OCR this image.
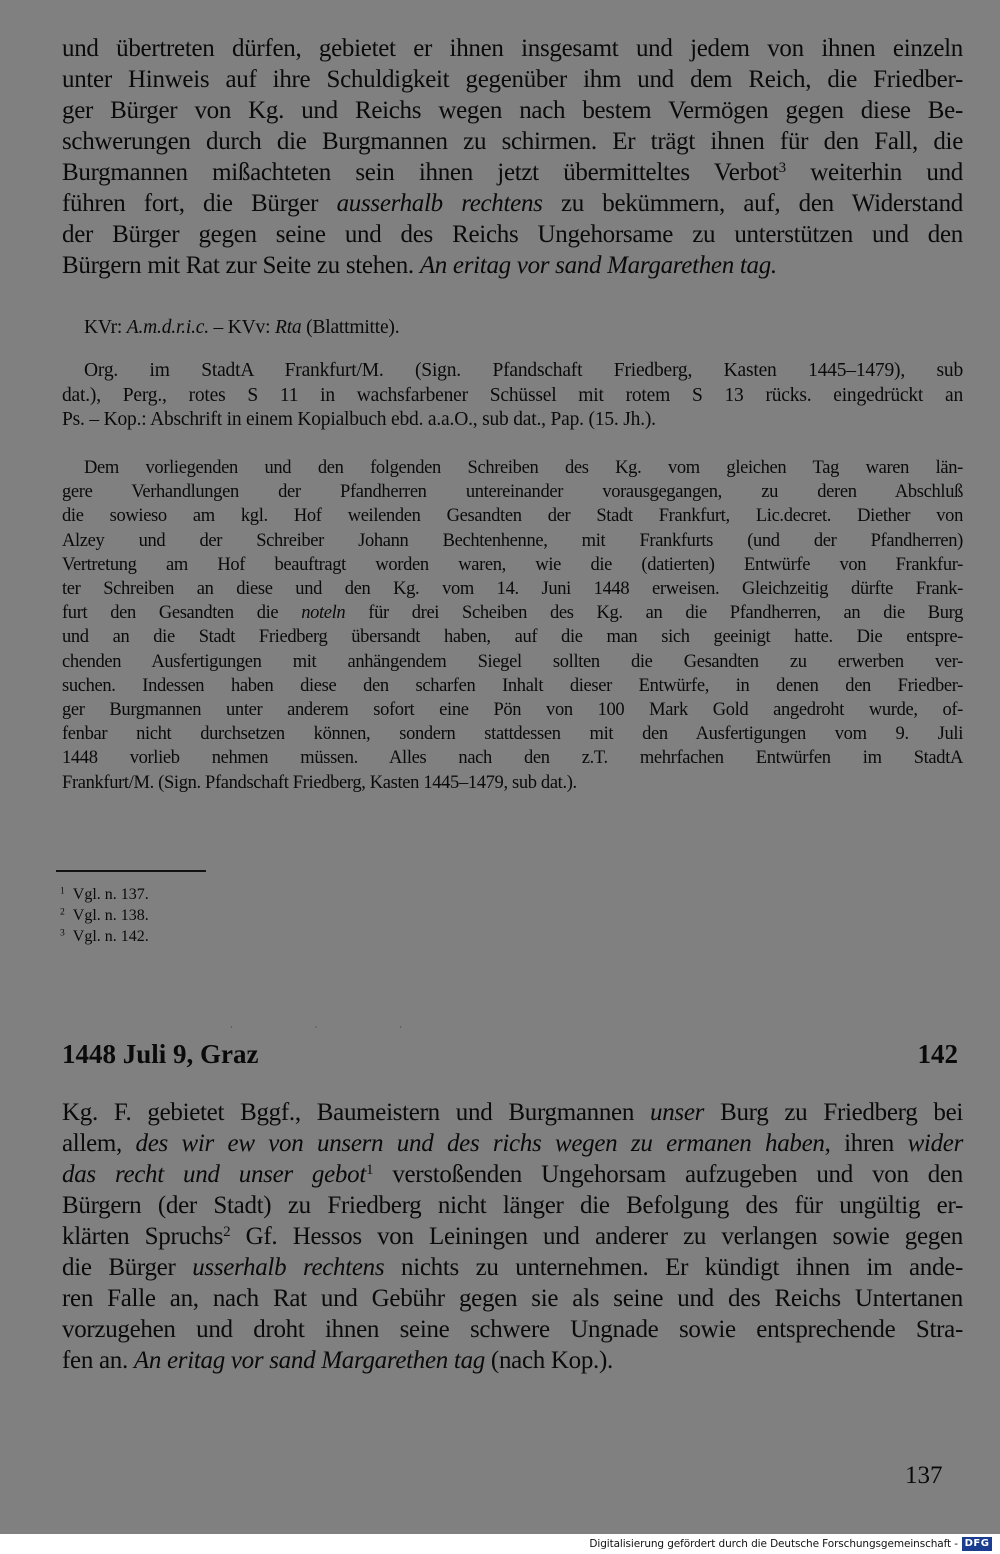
und übertreten dürfen, gebietet er ihnen insgesamt und jedem von ihnen einzeln
unter Hinweis auf ihre Schuldigkeit gegenüber ihm und dem Reich, die Friedber-
ger Bürger von Kg. und Reichs wegen nach bestem Vermögen gegen diese Be-
schwerungen durch die Burgmannen zu schirmen. Er trägt ihnen für den Fall, die
Burgmannen mißachteten sein ihnen jetzt übermitteltes Verbot$^3$ weiterhin und
führen fort, die Bürger ausserhalb rechtens zu bekümmern, auf, den Widerstand
der Bürger gegen seine und des Reichs Ungehorsame zu unterstützen und den
Bürgern mit Rat zur Seite zu stehen. An eritag vor sand Margarethen tag.
KVr: A.m.d.r.i.c. – KVv: Rta (Blattmitte).
Org. im StadtA Frankfurt/M. (Sign. Pfandschaft Friedberg, Kasten 1445–1479), sub
dat.), Perg., rotes S 11 in wachsfarbener Schüssel mit rotem S 13 rücks. eingedrückt an
Ps. – Kop.: Abschrift in einem Kopialbuch ebd. a.a.O., sub dat., Pap. (15. Jh.).
Dem vorliegenden und den folgenden Schreiben des Kg. vom gleichen Tag waren län-
gere Verhandlungen der Pfandherren untereinander vorausgegangen, zu deren Abschluß
die sowieso am kgl. Hof weilenden Gesandten der Stadt Frankfurt, Lic.decret. Diether von
Alzey und der Schreiber Johann Bechtenhenne, mit Frankfurts (und der Pfandherren)
Vertretung am Hof beauftragt worden waren, wie die (datierten) Entwürfe von Frankfur-
ter Schreiben an diese und den Kg. vom 14. Juni 1448 erweisen. Gleichzeitig dürfte Frank-
furt den Gesandten die noteln für drei Scheiben des Kg. an die Pfandherren, an die Burg
und an die Stadt Friedberg übersandt haben, auf die man sich geeinigt hatte. Die entspre-
chenden Ausfertigungen mit anhängendem Siegel sollten die Gesandten zu erwerben ver-
suchen. Indessen haben diese den scharfen Inhalt dieser Entwürfe, in denen den Friedber-
ger Burgmannen unter anderem sofort eine Pön von 100 Mark Gold angedroht wurde, of-
fenbar nicht durchsetzen können, sondern stattdessen mit den Ausfertigungen vom 9. Juli
1448 vorlieb nehmen müssen. Alles nach den z.T. mehrfachen Entwürfen im StadtA
Frankfurt/M. (Sign. Pfandschaft Friedberg, Kasten 1445–1479, sub dat.).
· · ·
$^1$ Vgl. n. 137.
$^2$ Vgl. n. 138.
$^3$ Vgl. n. 142.
1448 Juli 9, Graz	142
Kg. F. gebietet Bggf., Baumeistern und Burgmannen unser Burg zu Friedberg bei
allem, des wir ew von unsern und des richs wegen zu ermanen haben, ihren wider
das recht und unser gebot$^1$ verstoßenden Ungehorsam aufzugeben und von den
Bürgern (der Stadt) zu Friedberg nicht länger die Befolgung des für ungültig er-
klärten Spruchs$^2$ Gf. Hessos von Leiningen und anderer zu verlangen sowie gegen
die Bürger usserhalb rechtens nichts zu unternehmen. Er kündigt ihnen im ande-
ren Falle an, nach Rat und Gebühr gegen sie als seine und des Reichs Untertanen
vorzugehen und droht ihnen seine schwere Ungnade sowie entsprechende Stra-
fen an. An eritag vor sand Margarethen tag (nach Kop.).
137
Digitalisierung gefördert durch die Deutsche Forschungsgemeinschaft - DFG
